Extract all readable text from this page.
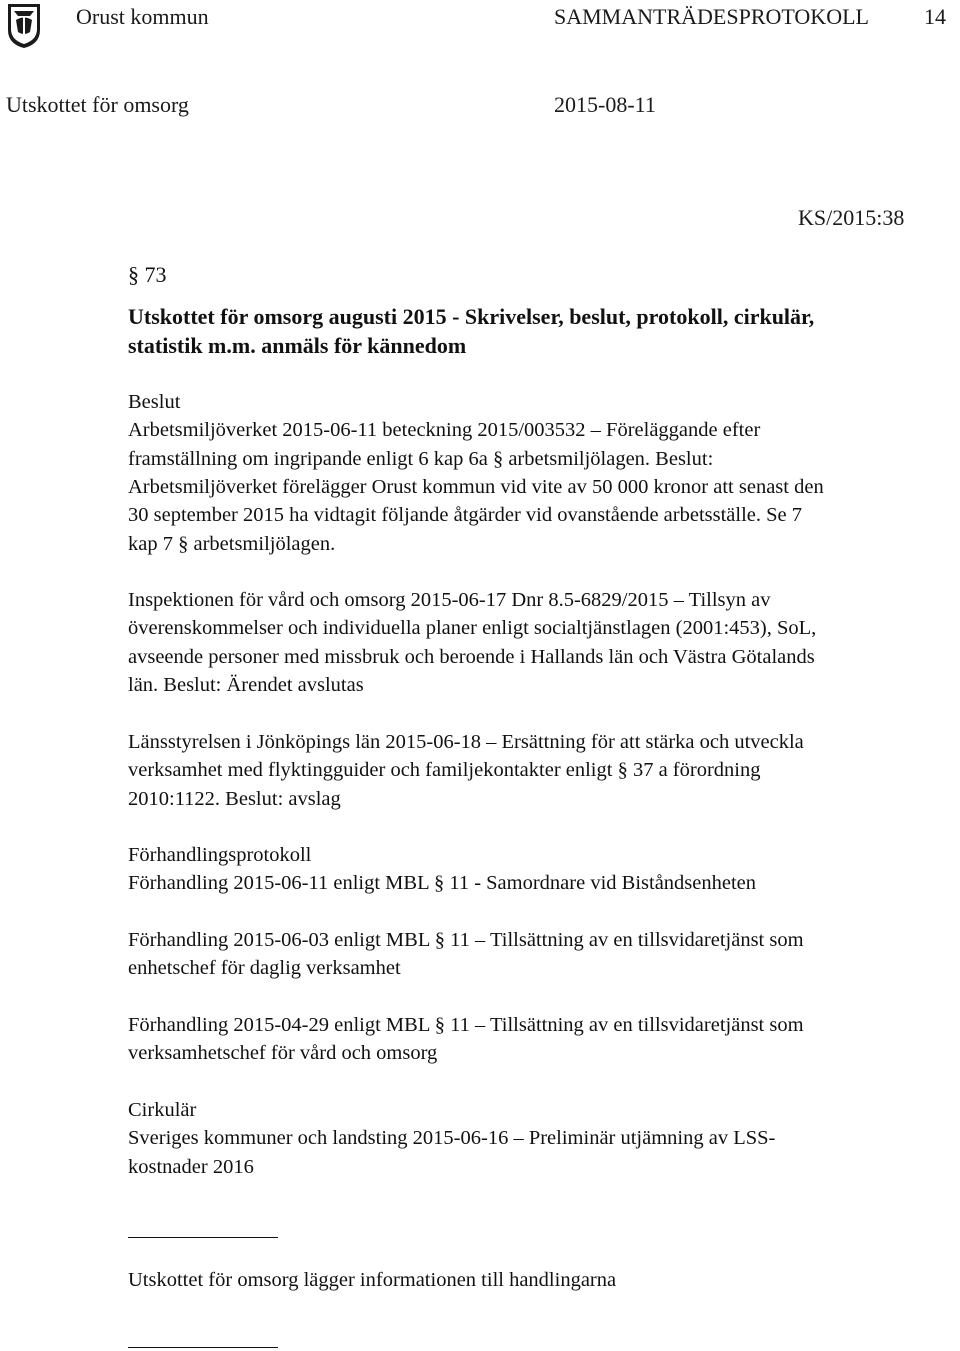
Orust kommun	SAMMANTRÄDESPROTOKOLL	14
Utskottet för omsorg	2015-08-11
KS/2015:38
§ 73
Utskottet för omsorg augusti 2015 - Skrivelser, beslut, protokoll, cirkulär,
statistik m.m. anmäls för kännedom
Beslut
Arbetsmiljöverket 2015-06-11 beteckning 2015/003532 – Föreläggande efter
framställning om ingripande enligt 6 kap 6a § arbetsmiljölagen. Beslut:
Arbetsmiljöverket förelägger Orust kommun vid vite av 50 000 kronor att senast den
30 september 2015 ha vidtagit följande åtgärder vid ovanstående arbetsställe. Se 7
kap 7 § arbetsmiljölagen.
Inspektionen för vård och omsorg 2015-06-17 Dnr 8.5-6829/2015 – Tillsyn av
överenskommelser och individuella planer enligt socialtjänstlagen (2001:453), SoL,
avseende personer med missbruk och beroende i Hallands län och Västra Götalands
län. Beslut: Ärendet avslutas
Länsstyrelsen i Jönköpings län 2015-06-18 – Ersättning för att stärka och utveckla
verksamhet med flyktingguider och familjekontakter enligt § 37 a förordning
2010:1122. Beslut: avslag
Förhandlingsprotokoll
Förhandling 2015-06-11 enligt MBL § 11 - Samordnare vid Biståndsenheten
Förhandling 2015-06-03 enligt MBL § 11 – Tillsättning av en tillsvidaretjänst som
enhetschef för daglig verksamhet
Förhandling 2015-04-29 enligt MBL § 11 – Tillsättning av en tillsvidaretjänst som
verksamhetschef för vård och omsorg
Cirkulär
Sveriges kommuner och landsting 2015-06-16 – Preliminär utjämning av LSS-
kostnader 2016
Utskottet för omsorg lägger informationen till handlingarna
